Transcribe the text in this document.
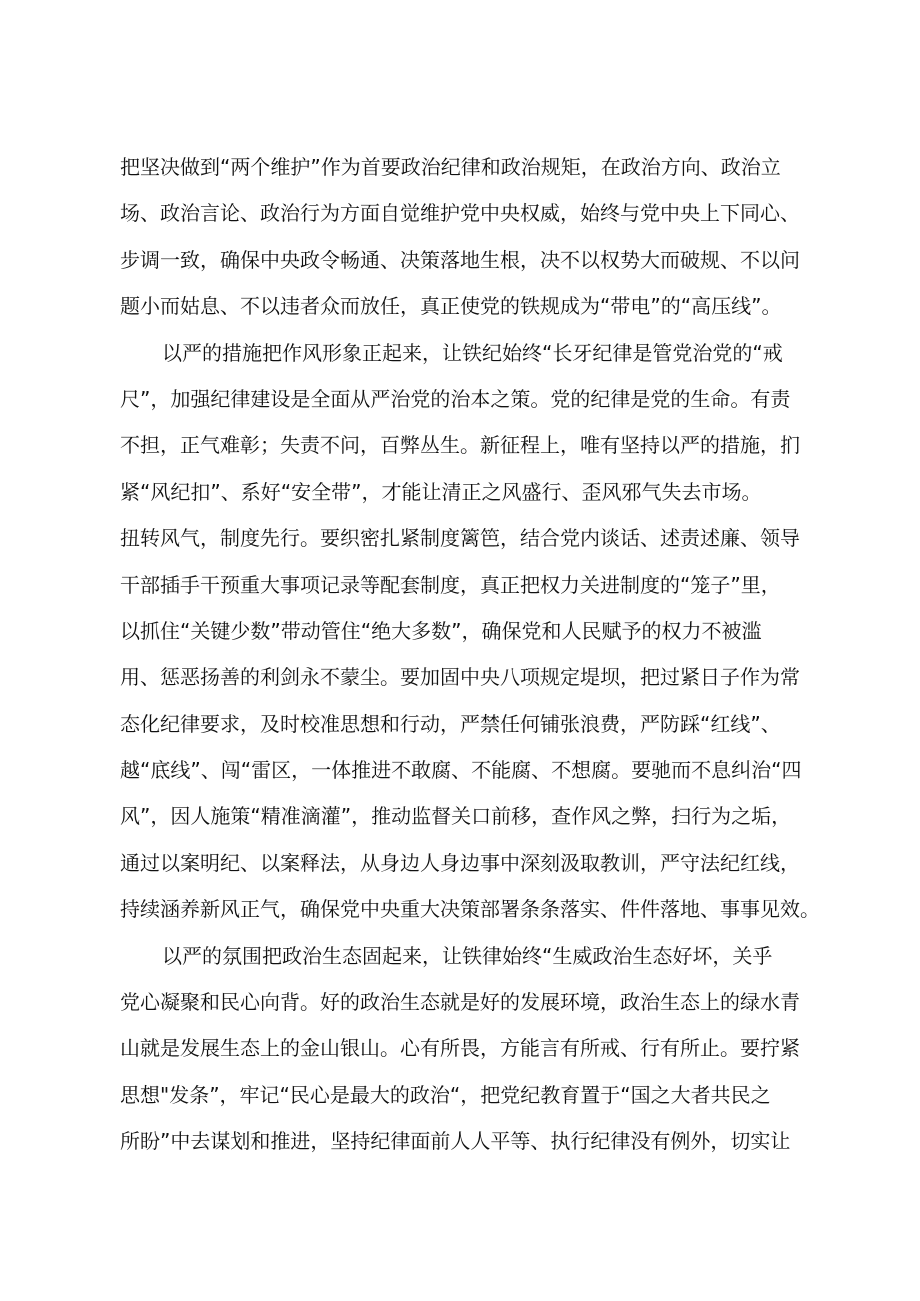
把坚决做到“两个维护”作为首要政治纪律和政治规矩，在政治方向、政治立
场、政治言论、政治行为方面自觉维护党中央权威，始终与党中央上下同心、
步调一致，确保中央政令畅通、决策落地生根，决不以权势大而破规、不以问
题小而姑息、不以违者众而放任，真正使党的铁规成为“带电”的“高压线”。
以严的措施把作风形象正起来，让铁纪始终“长牙纪律是管党治党的“戒
尺”，加强纪律建设是全面从严治党的治本之策。党的纪律是党的生命。有责
不担，正气难彰；失责不问，百弊丛生。新征程上，唯有坚持以严的措施，扪
紧“风纪扣”、系好“安全带”，才能让清正之风盛行、歪风邪气失去市场。
扭转风气，制度先行。要织密扎紧制度篱笆，结合党内谈话、述责述廉、领导
干部插手干预重大事项记录等配套制度，真正把权力关进制度的“笼子”里，
以抓住“关键少数”带动管住“绝大多数”，确保党和人民赋予的权力不被滥
用、惩恶扬善的利剑永不蒙尘。要加固中央八项规定堤坝，把过紧日子作为常
态化纪律要求，及时校准思想和行动，严禁任何铺张浪费，严防踩“红线”、
越“底线”、闯“雷区，一体推进不敢腐、不能腐、不想腐。要驰而不息纠治“四
风”，因人施策“精准滴灌”，推动监督关口前移，查作风之弊，扫行为之垢，
通过以案明纪、以案释法，从身边人身边事中深刻汲取教训，严守法纪红线，
持续涵养新风正气，确保党中央重大决策部署条条落实、件件落地、事事见效。
以严的氛围把政治生态固起来，让铁律始终“生威政治生态好坏，关乎
党心凝聚和民心向背。好的政治生态就是好的发展环境，政治生态上的绿水青
山就是发展生态上的金山银山。心有所畏，方能言有所戒、行有所止。要拧紧
思想"发条”，牢记“民心是最大的政治“，把党纪教育置于“国之大者共民之
所盼”中去谋划和推进，坚持纪律面前人人平等、执行纪律没有例外，切实让
